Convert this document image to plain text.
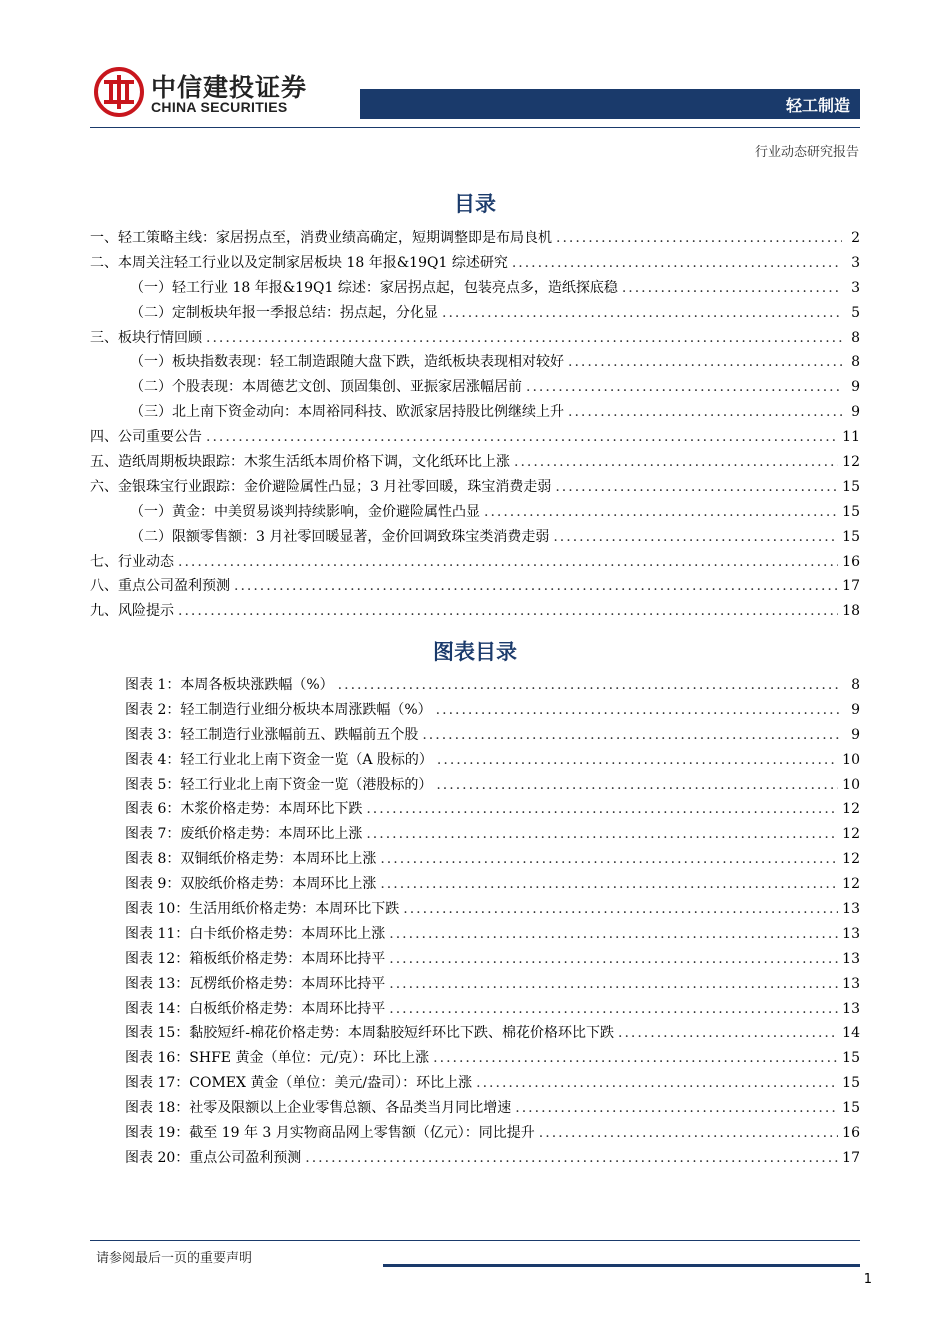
中信建投证券
CHINA SECURITIES	轻工制造
行业动态研究报告
目录
一、轻工策略主线：家居拐点至，消费业绩高确定，短期调整即是布局良机 .....	2
二、本周关注轻工行业以及定制家居板块 18 年报&19Q1 综述研究 .....	3
（一）轻工行业 18 年报&19Q1 综述：家居拐点起，包装亮点多，造纸探底稳 .....	3
（二）定制板块年报一季报总结：拐点起，分化显 .....	5
三、板块行情回顾 .....	8
（一）板块指数表现：轻工制造跟随大盘下跌，造纸板块表现相对较好 .....	8
（二）个股表现：本周德艺文创、顶固集创、亚振家居涨幅居前 .....	9
（三）北上南下资金动向：本周裕同科技、欧派家居持股比例继续上升 .....	9
四、公司重要公告 .....	11
五、造纸周期板块跟踪：木浆生活纸本周价格下调，文化纸环比上涨 .....	12
六、金银珠宝行业跟踪：金价避险属性凸显；3 月社零回暖，珠宝消费走弱 .....	15
（一）黄金：中美贸易谈判持续影响，金价避险属性凸显 .....	15
（二）限额零售额：3 月社零回暖显著，金价回调致珠宝类消费走弱 .....	15
七、行业动态 .....	16
八、重点公司盈利预测 .....	17
九、风险提示 .....	18
图表目录
图表 1：本周各板块涨跌幅（%） .....	8
图表 2：轻工制造行业细分板块本周涨跌幅（%） .....	9
图表 3：轻工制造行业涨幅前五、跌幅前五个股 .....	9
图表 4：轻工行业北上南下资金一览（A 股标的） .....	10
图表 5：轻工行业北上南下资金一览（港股标的） .....	10
图表 6：木浆价格走势：本周环比下跌 .....	12
图表 7：废纸价格走势：本周环比上涨 .....	12
图表 8：双铜纸价格走势：本周环比上涨 .....	12
图表 9：双胶纸价格走势：本周环比上涨 .....	12
图表 10：生活用纸价格走势：本周环比下跌 .....	13
图表 11：白卡纸价格走势：本周环比上涨 .....	13
图表 12：箱板纸价格走势：本周环比持平 .....	13
图表 13：瓦楞纸价格走势：本周环比持平 .....	13
图表 14：白板纸价格走势：本周环比持平 .....	13
图表 15：黏胶短纤-棉花价格走势：本周黏胶短纤环比下跌、棉花价格环比下跌 .....	14
图表 16：SHFE 黄金（单位：元/克）：环比上涨 .....	15
图表 17：COMEX 黄金（单位：美元/盎司）：环比上涨 .....	15
图表 18：社零及限额以上企业零售总额、各品类当月同比增速 .....	15
图表 19：截至 19 年 3 月实物商品网上零售额（亿元）：同比提升 .....	16
图表 20：重点公司盈利预测 .....	17
请参阅最后一页的重要声明
1
